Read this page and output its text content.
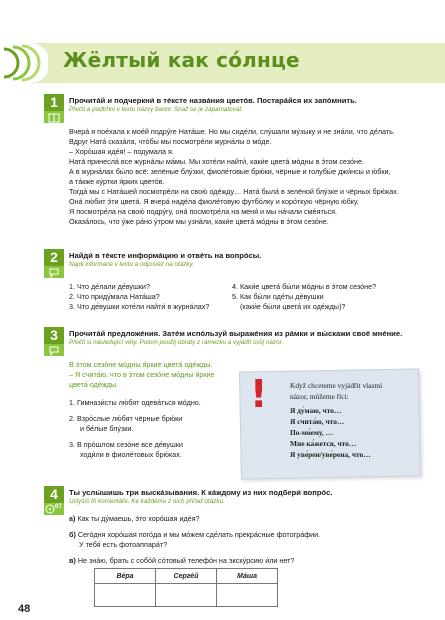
Жёлтый как со́лнце
1	Прочита́й и подчеркни́ в те́ксте назва́ния цвето́в. Постара́йся их запо́мнить.
Přečti a podtrhni v textu názvy barev. Snaž se je zapamatovat.
Вчера́ я пое́хала к мое́й подру́ге Ната́ше. Но мы сиде́ли, слу́шали му́зыку и не зна́ли, что де́лать.
Вдруг Ната́ сказа́ла, что́бы мы посмотре́ли журна́лы о мо́де.
– Хоро́шая иде́я! – подумала я.
Ната́ принесла́ все журна́лы ма́мы. Мы хоте́ли найти́, каки́е цвета́ мо́дны в э́том сезо́не.
А в журна́лах бы́ло всё: зелёные блу́зки, фиоле́товые брю́ки, чёрные и голубы́е джи́нсы и ю́бки,
а та́кже ку́ртки я́рких цвето́в.
Тогда́ мы с Ната́шей посмотре́ли на свою́ оде́жду… Ната́ была́ в зелёной блу́зке и чёрных брю́ках.
Она́ лю́бит э́ти цвета́. Я вчера́ наде́ла фиоле́товую футбо́лку и коро́ткую чёрную ю́бку.
Я посмотре́ла на свою́ подру́гу, она́ посмотре́ла на меня́ и мы на́чали сме́яться.
Оказа́лось, что у́же ра́но у́тром мы узна́ли, каки́е цвета́ мо́дны в э́том сезо́не.
2	Найди́ в те́ксте информа́цию и отве́ть на вопро́сы.
Najdi informace v textu a odpověz na otázky.
1. Что де́лали де́вушки?
2. Что приду́мала Ната́ша?
3. Что де́вушки хоте́ли найти́ в журна́лах?
4. Каки́е цвета́ бы́ли мо́дны в э́том сезо́не?
5. Как бы́ли оде́ты де́вушки
(каки́е бы́ли цвета́ их оде́жды)?
3	Прочита́й предложе́ния. Зате́м испо́льзуй выраже́ния из ра́мки и вы́скажи своё мне́ние.
Přečti si následující věty. Potom použij obraty z rámečku a vyjádři svůj názor.
В э́том сезо́не мо́дны я́ркие цвета́ оде́жды.
– Я счита́ю, что в э́том сезо́не мо́дны я́ркие
цвета́ оде́жды.
1. Гимнази́сты лю́бят одева́ться мо́дно.
2. Взро́слые лю́бят чёрные брю́ки
и бе́лые блу́зки.
3. В про́шлом сезо́не все де́вушки
ходи́ли в фиоле́товых брю́ках.
!	Když chceteme vyjádřit vlastní
názor, můžeme říci:
Я ду́маю, что…
Я счита́ю, что…
По-мо́ему, …
Мне ка́жется, что…
Я уве́рен/уве́рена, что…
4
07
Ты услы́шишь три выска́зывания. К ка́ждому из них подбери́ вопро́с.
Uslyšíš tři komentáře. Ke každému z nich přiřaď otázku.
а) Как ты ду́маешь, э́то хоро́шая иде́я?
б) Сего́дня хоро́шая пого́да и мы мо́жем сде́лать прекра́сные фотогра́фии.
У тебя́ есть фотоаппара́т?
в) Не зна́ю, брать с собо́й со́товый телефо́н на экску́рсию и́ли нет?
Ве́ра	Серге́й	Ма́ша

48
